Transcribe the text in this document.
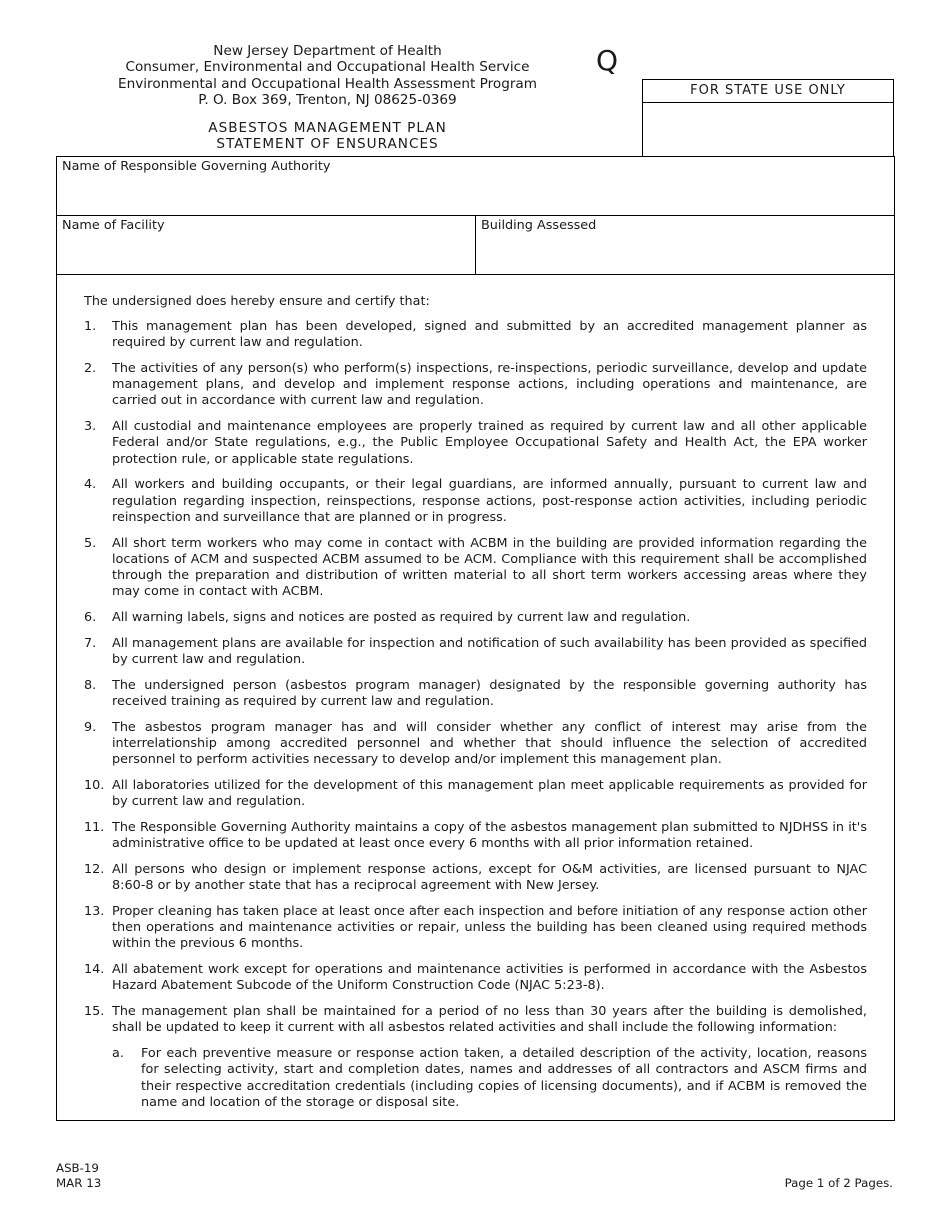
New Jersey Department of Health
Consumer, Environmental and Occupational Health Service
Environmental and Occupational Health Assessment Program
P. O. Box 369, Trenton, NJ 08625-0369
ASBESTOS MANAGEMENT PLAN
STATEMENT OF ENSURANCES
Q
FOR STATE USE ONLY
Name of Responsible Governing Authority
Name of Facility	Building Assessed
The undersigned does hereby ensure and certify that:
1. This management plan has been developed, signed and submitted by an accredited management planner as required by current law and regulation.
2. The activities of any person(s) who perform(s) inspections, re-inspections, periodic surveillance, develop and update management plans, and develop and implement response actions, including operations and maintenance, are carried out in accordance with current law and regulation.
3. All custodial and maintenance employees are properly trained as required by current law and all other applicable Federal and/or State regulations, e.g., the Public Employee Occupational Safety and Health Act, the EPA worker protection rule, or applicable state regulations.
4. All workers and building occupants, or their legal guardians, are informed annually, pursuant to current law and regulation regarding inspection, reinspections, response actions, post-response action activities, including periodic reinspection and surveillance that are planned or in progress.
5. All short term workers who may come in contact with ACBM in the building are provided information regarding the locations of ACM and suspected ACBM assumed to be ACM. Compliance with this requirement shall be accomplished through the preparation and distribution of written material to all short term workers accessing areas where they may come in contact with ACBM.
6. All warning labels, signs and notices are posted as required by current law and regulation.
7. All management plans are available for inspection and notification of such availability has been provided as specified by current law and regulation.
8. The undersigned person (asbestos program manager) designated by the responsible governing authority has received training as required by current law and regulation.
9. The asbestos program manager has and will consider whether any conflict of interest may arise from the interrelationship among accredited personnel and whether that should influence the selection of accredited personnel to perform activities necessary to develop and/or implement this management plan.
10. All laboratories utilized for the development of this management plan meet applicable requirements as provided for by current law and regulation.
11. The Responsible Governing Authority maintains a copy of the asbestos management plan submitted to NJDHSS in it's administrative office to be updated at least once every 6 months with all prior information retained.
12. All persons who design or implement response actions, except for O&M activities, are licensed pursuant to NJAC 8:60-8 or by another state that has a reciprocal agreement with New Jersey.
13. Proper cleaning has taken place at least once after each inspection and before initiation of any response action other then operations and maintenance activities or repair, unless the building has been cleaned using required methods within the previous 6 months.
14. All abatement work except for operations and maintenance activities is performed in accordance with the Asbestos Hazard Abatement Subcode of the Uniform Construction Code (NJAC 5:23-8).
15. The management plan shall be maintained for a period of no less than 30 years after the building is demolished, shall be updated to keep it current with all asbestos related activities and shall include the following information:
a. For each preventive measure or response action taken, a detailed description of the activity, location, reasons for selecting activity, start and completion dates, names and addresses of all contractors and ASCM firms and their respective accreditation credentials (including copies of licensing documents), and if ACBM is removed the name and location of the storage or disposal site.
ASB-19
MAR 13	Page 1 of 2 Pages.
